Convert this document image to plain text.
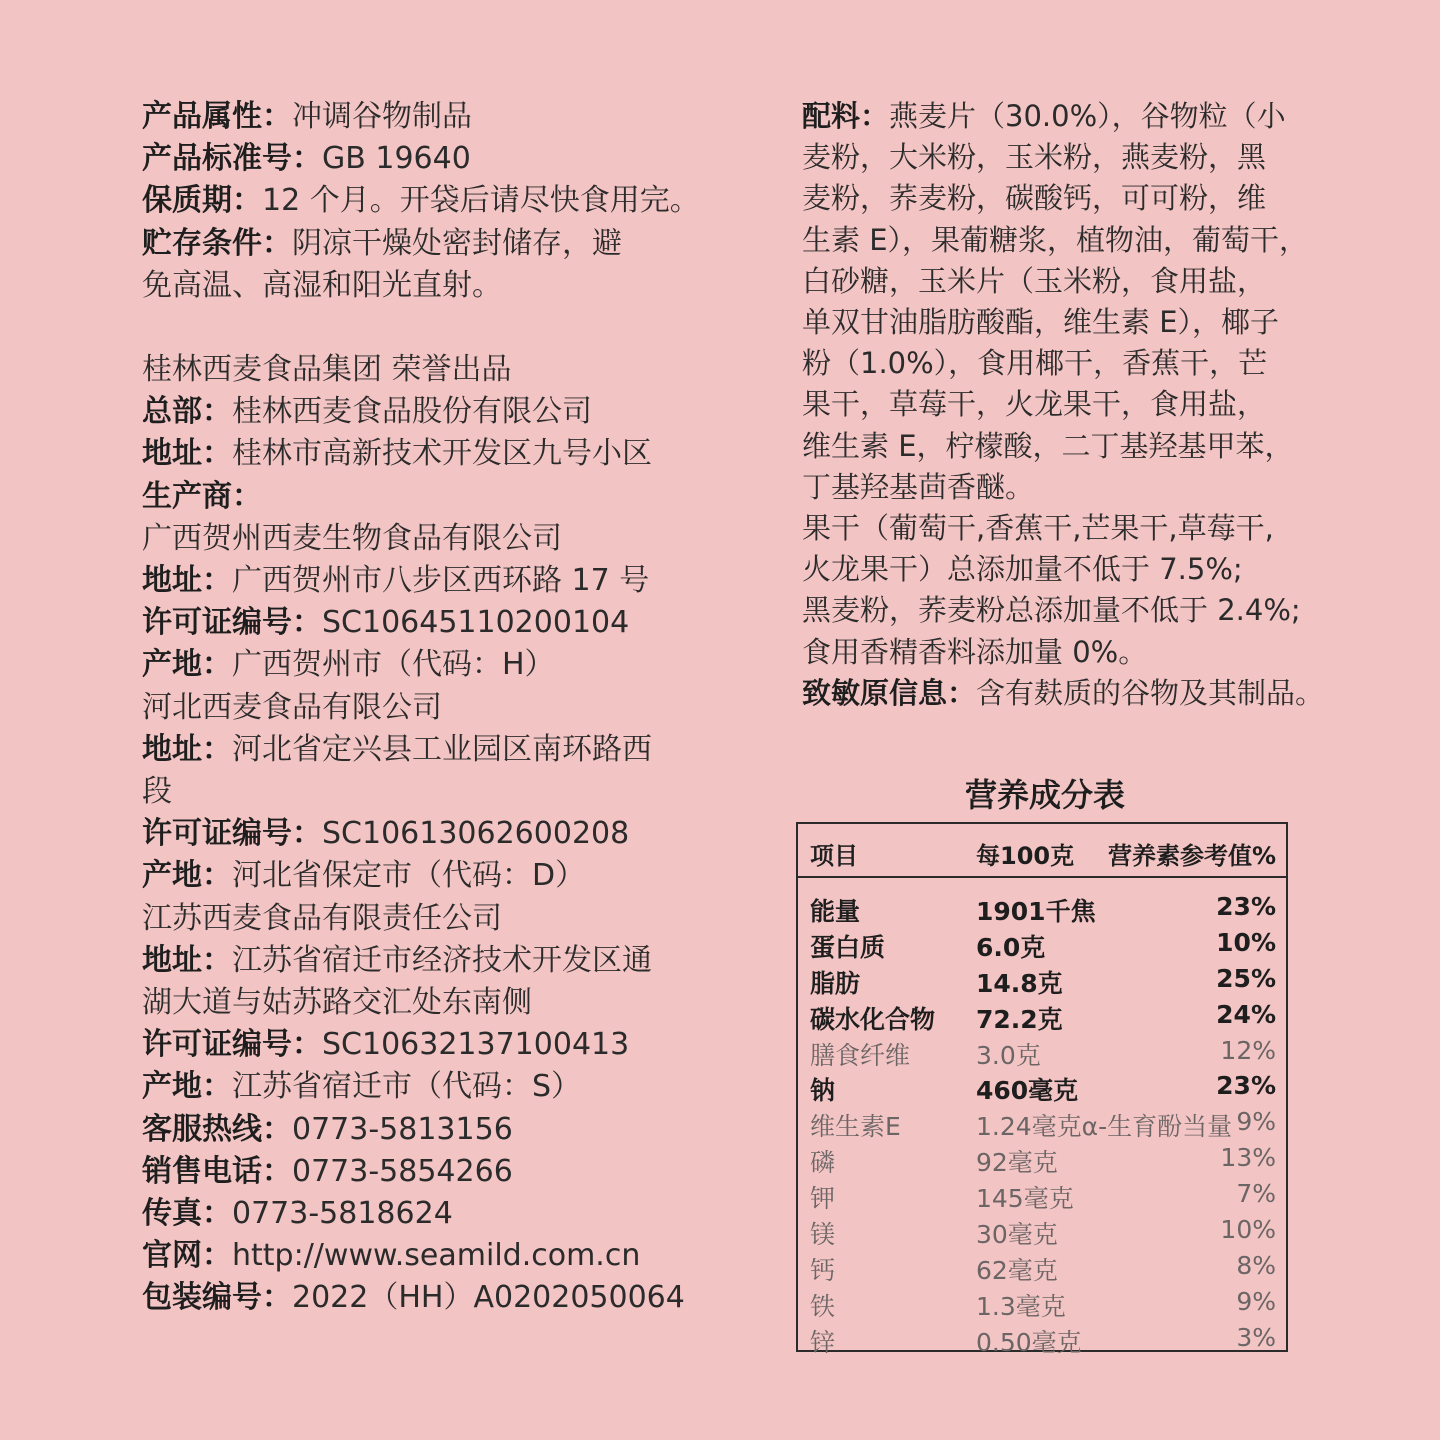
产品属性：冲调谷物制品
产品标准号：GB 19640
保质期：12 个月。开袋后请尽快食用完。
贮存条件：阴凉干燥处密封储存，避
免高温、高湿和阳光直射。
桂林西麦食品集团 荣誉出品
总部：桂林西麦食品股份有限公司
地址：桂林市高新技术开发区九号小区
生产商：
广西贺州西麦生物食品有限公司
地址：广西贺州市八步区西环路 17 号
许可证编号：SC10645110200104
产地：广西贺州市（代码：H）
河北西麦食品有限公司
地址：河北省定兴县工业园区南环路西
段
许可证编号：SC10613062600208
产地：河北省保定市（代码：D）
江苏西麦食品有限责任公司
地址：江苏省宿迁市经济技术开发区通
湖大道与姑苏路交汇处东南侧
许可证编号：SC10632137100413
产地：江苏省宿迁市（代码：S）
客服热线：0773-5813156
销售电话：0773-5854266
传真：0773-5818624
官网：http://www.seamild.com.cn
包装编号：2022（HH）A0202050064
配料：燕麦片（30.0%），谷物粒（小
麦粉，大米粉，玉米粉，燕麦粉，黑
麦粉，荞麦粉，碳酸钙，可可粉，维
生素 E），果葡糖浆，植物油，葡萄干，
白砂糖，玉米片（玉米粉，食用盐，
单双甘油脂肪酸酯，维生素 E），椰子
粉（1.0%），食用椰干，香蕉干，芒
果干，草莓干，火龙果干，食用盐，
维生素 E，柠檬酸，二丁基羟基甲苯，
丁基羟基茴香醚。
果干（葡萄干,香蕉干,芒果干,草莓干,
火龙果干）总添加量不低于 7.5%;
黑麦粉，荞麦粉总添加量不低于 2.4%;
食用香精香料添加量 0%。
致敏原信息：含有麸质的谷物及其制品。
营养成分表
项目	每100克 营养素参考值%
能量	1901千焦	23%
蛋白质	6.0克	10%
脂肪	14.8克	25%
碳水化合物 72.2克	24%
膳食纤维	3.0克	12%
钠	460毫克	23%
维生素E	1.24毫克α-生育酚当量 9%
磷	92毫克	13%
钾	145毫克	7%
镁	30毫克	10%
钙	62毫克	8%
铁	1.3毫克	9%
锌	0.50毫克	3%
